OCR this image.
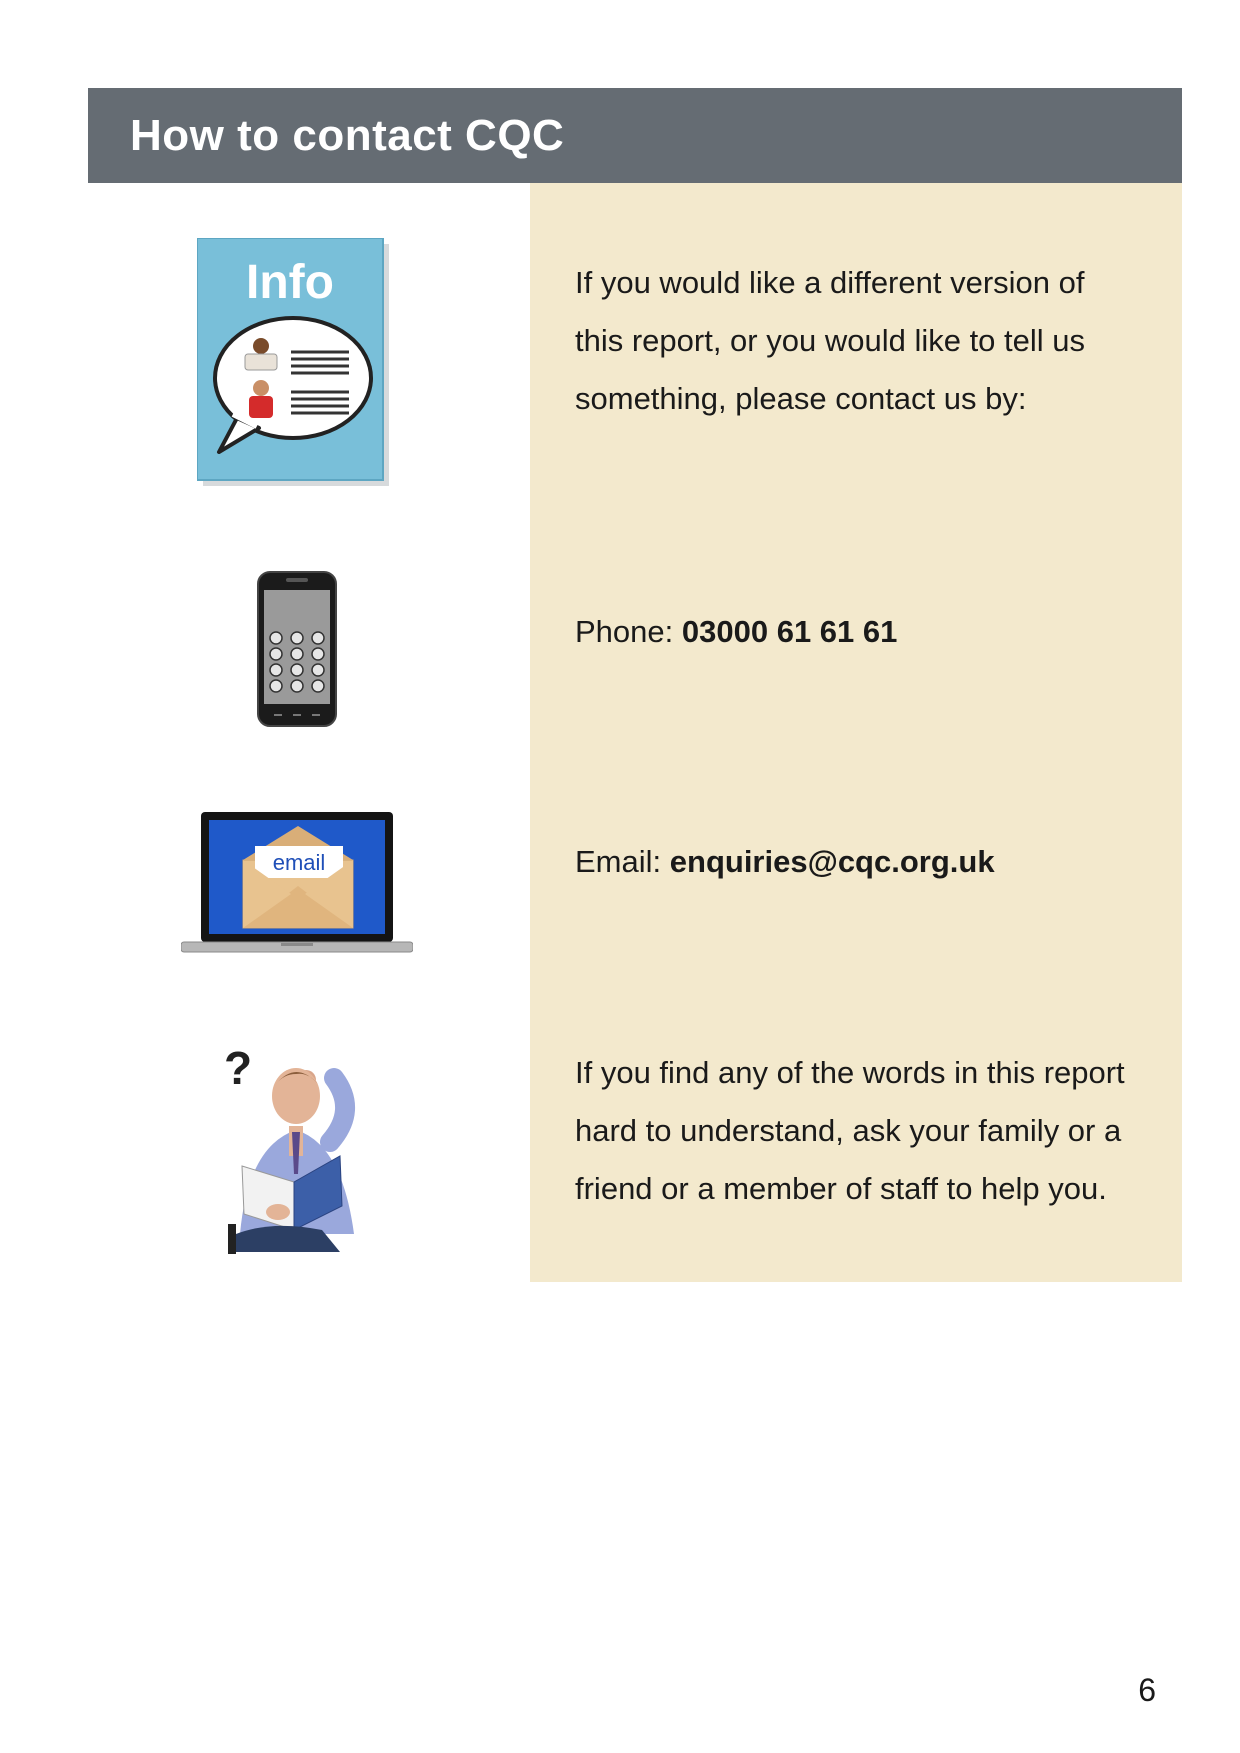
How to contact CQC
Info	If you would like a different version of
this report, or you would like to tell us
something, please contact us by:
Phone: 03000 61 61 61
email	Email: enquiries@cqc.org.uk
?	If you find any of the words in this report
hard to understand, ask your family or a
friend or a member of staff to help you.
6
